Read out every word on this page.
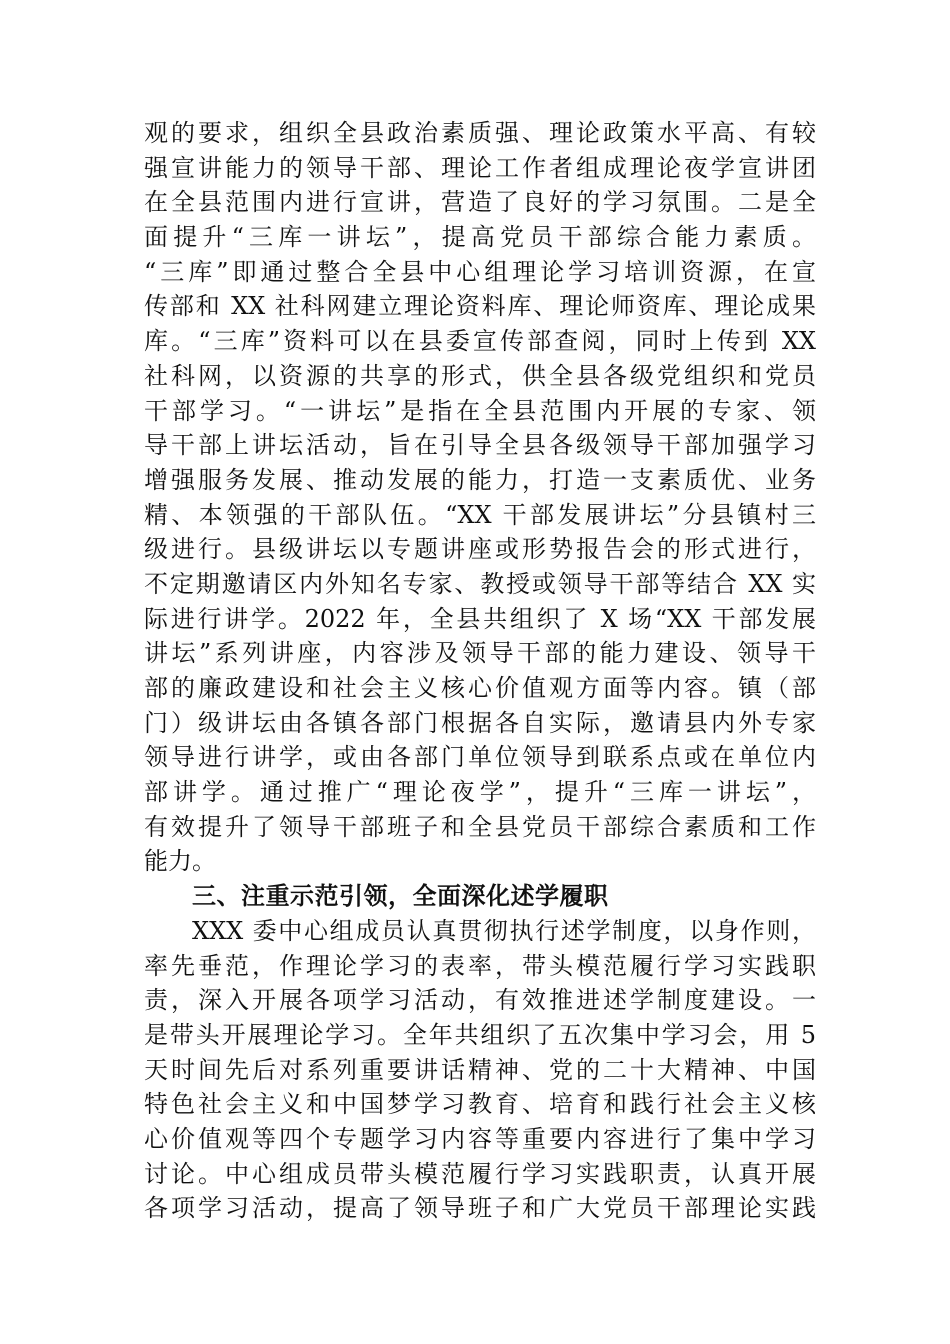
观的要求，组织全县政治素质强、理论政策水平高、有较
强宣讲能力的领导干部、理论工作者组成理论夜学宣讲团
在全县范围内进行宣讲，营造了良好的学习氛围。二是全
面提升“三库一讲坛”，提高党员干部综合能力素质。
“三库”即通过整合全县中心组理论学习培训资源，在宣
传部和 XX 社科网建立理论资料库、理论师资库、理论成果
库。“三库”资料可以在县委宣传部查阅，同时上传到 XX
社科网，以资源的共享的形式，供全县各级党组织和党员
干部学习。“一讲坛”是指在全县范围内开展的专家、领
导干部上讲坛活动，旨在引导全县各级领导干部加强学习
增强服务发展、推动发展的能力，打造一支素质优、业务
精、本领强的干部队伍。“XX 干部发展讲坛”分县镇村三
级进行。县级讲坛以专题讲座或形势报告会的形式进行，
不定期邀请区内外知名专家、教授或领导干部等结合 XX 实
际进行讲学。2022 年，全县共组织了 X 场“XX 干部发展
讲坛”系列讲座，内容涉及领导干部的能力建设、领导干
部的廉政建设和社会主义核心价值观方面等内容。镇（部
门）级讲坛由各镇各部门根据各自实际，邀请县内外专家
领导进行讲学，或由各部门单位领导到联系点或在单位内
部讲学。通过推广“理论夜学”，提升“三库一讲坛”，
有效提升了领导干部班子和全县党员干部综合素质和工作
能力。
三、注重示范引领，全面深化述学履职
XXX 委中心组成员认真贯彻执行述学制度，以身作则，
率先垂范，作理论学习的表率，带头模范履行学习实践职
责，深入开展各项学习活动，有效推进述学制度建设。一
是带头开展理论学习。全年共组织了五次集中学习会，用 5
天时间先后对系列重要讲话精神、党的二十大精神、中国
特色社会主义和中国梦学习教育、培育和践行社会主义核
心价值观等四个专题学习内容等重要内容进行了集中学习
讨论。中心组成员带头模范履行学习实践职责，认真开展
各项学习活动，提高了领导班子和广大党员干部理论实践
